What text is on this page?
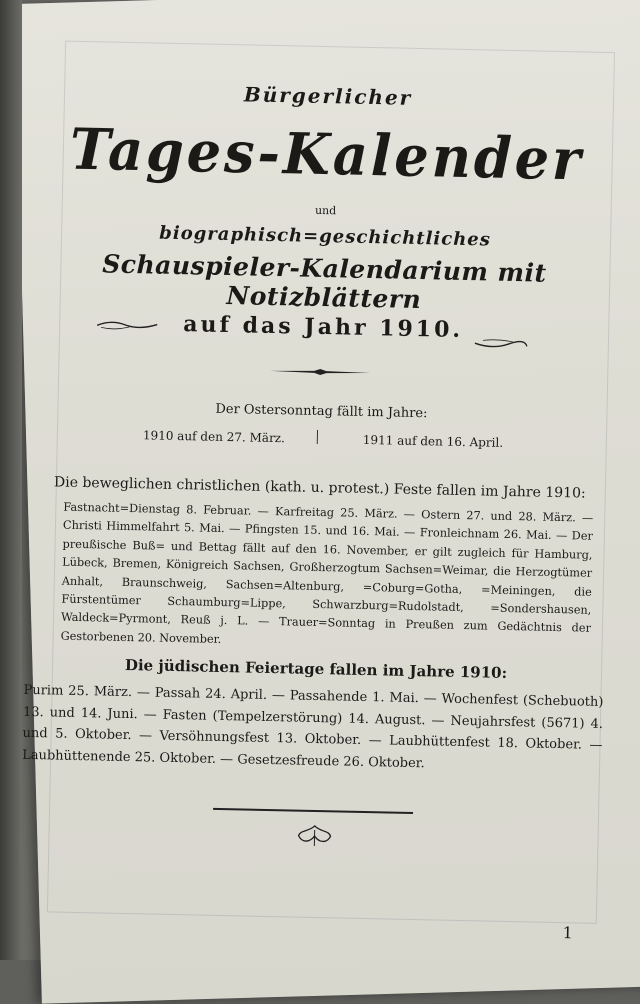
Bürgerlicher
Tages-Kalender
und
biographisch=geschichtliches
Schauspieler-Kalendarium mit Notizblättern
auf das Jahr 1910.
Der Ostersonntag fällt im Jahre:
1910 auf den 27. März.	1911 auf den 16. April.
Die beweglichen christlichen (kath. u. protest.) Feste fallen im Jahre 1910:
Fastnacht=Dienstag 8. Februar. — Karfreitag 25. März. — Ostern 27. und 28. März. — Christi Himmelfahrt 5. Mai. — Pfingsten 15. und 16. Mai. — Fronleichnam 26. Mai. — Der preußische Buß= und Bettag fällt auf den 16. November, er gilt zugleich für Hamburg, Lübeck, Bremen, Königreich Sachsen, Großherzogtum Sachsen=Weimar, die Herzogtümer Anhalt, Braunschweig, Sachsen=Altenburg, =Coburg=Gotha, =Meiningen, die Fürstentümer Schaumburg=Lippe, Schwarzburg=Rudolstadt, =Sondershausen, Waldeck=Pyrmont, Reuß j. L. — Trauer=Sonntag in Preußen zum Gedächtnis der Gestorbenen 20. November.
Die jüdischen Feiertage fallen im Jahre 1910:
Purim 25. März. — Passah 24. April. — Passahende 1. Mai. — Wochenfest (Schebuoth) 13. und 14. Juni. — Fasten (Tempelzerstörung) 14. August. — Neujahrsfest (5671) 4. und 5. Oktober. — Versöhnungsfest 13. Oktober. — Laubhüttenfest 18. Oktober. — Laubhüttenende 25. Oktober. — Gesetzesfreude 26. Oktober.
1
